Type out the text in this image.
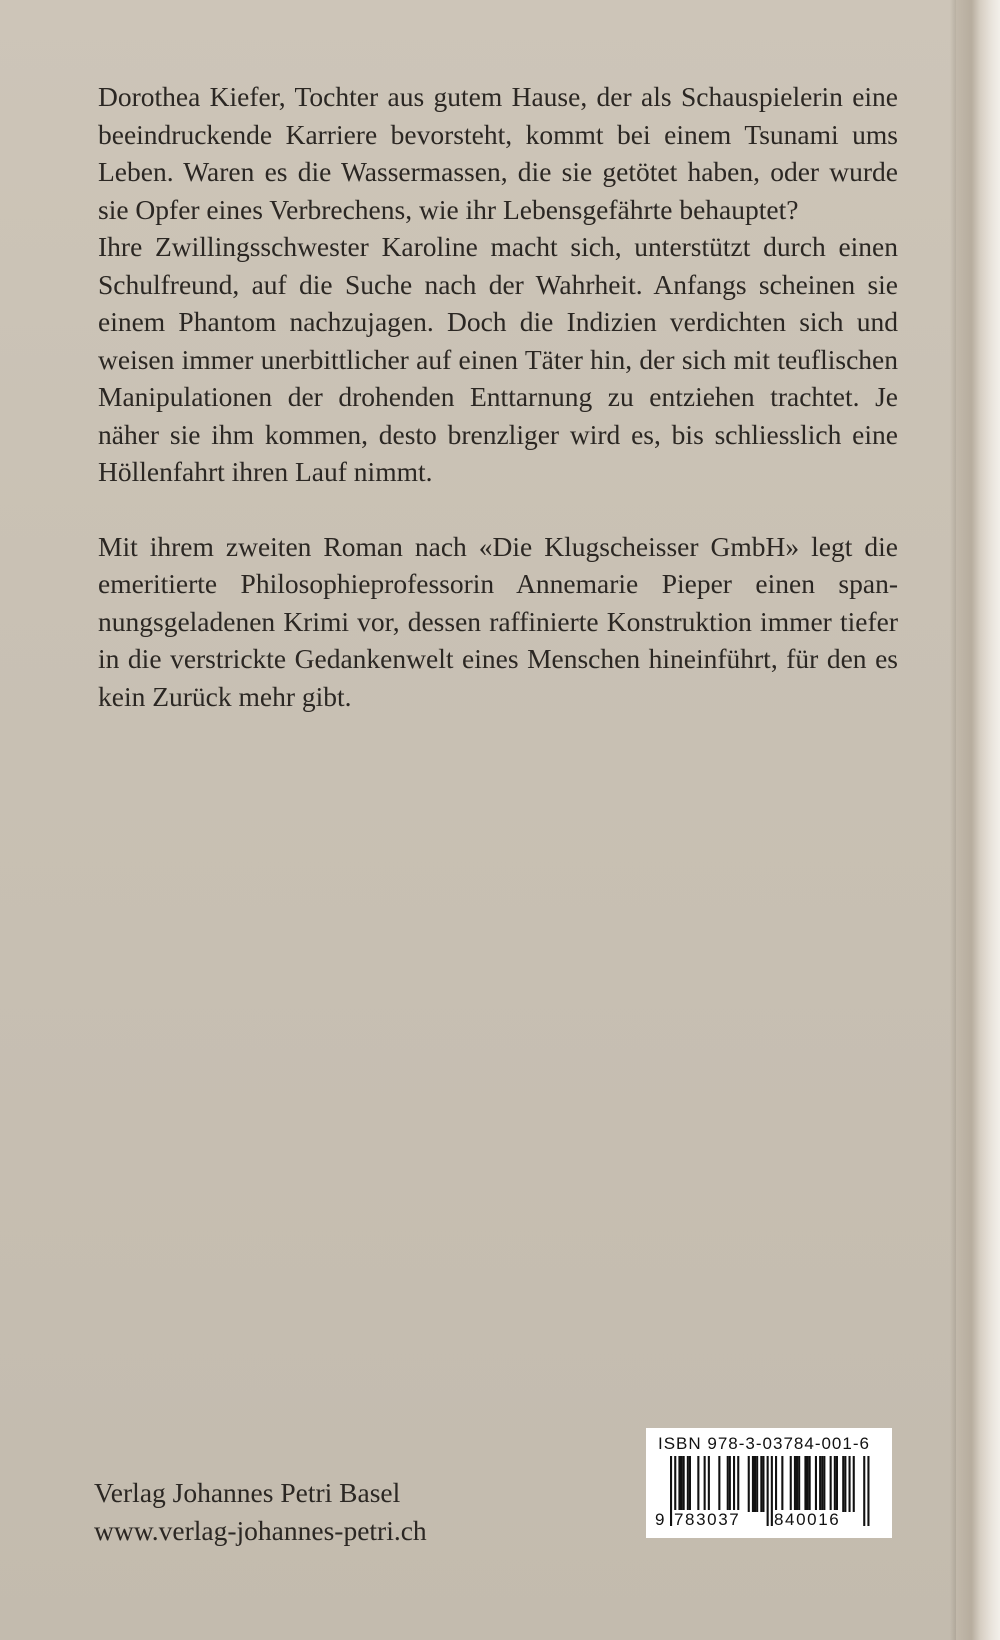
Dorothea Kiefer, Tochter aus gutem Hause, der als Schauspielerin eine beeindruckende Karriere bevorsteht, kommt bei einem Tsunami ums Leben. Waren es die Wassermassen, die sie getötet haben, oder wurde sie Opfer eines Verbrechens, wie ihr Lebensgefährte behauptet?

Ihre Zwillingsschwester Karoline macht sich, unterstützt durch einen Schulfreund, auf die Suche nach der Wahrheit. Anfangs scheinen sie einem Phantom nachzujagen. Doch die Indizien verdichten sich und weisen immer unerbittlicher auf einen Täter hin, der sich mit teuflischen Manipulationen der drohenden Enttarnung zu entziehen trachtet. Je näher sie ihm kommen, desto brenzliger wird es, bis schliesslich eine Höllenfahrt ihren Lauf nimmt.

Mit ihrem zweiten Roman nach «Die Klugscheisser GmbH» legt die emeritierte Philosophieprofessorin Annemarie Pieper einen spannungsgeladenen Krimi vor, dessen raffinierte Konstruktion immer tiefer in die verstrickte Gedankenwelt eines Menschen hineinführt, für den es kein Zurück mehr gibt.

Verlag Johannes Petri Basel
www.verlag-johannes-petri.ch
ISBN 978-3-03784-001-6
9 783037 840016
